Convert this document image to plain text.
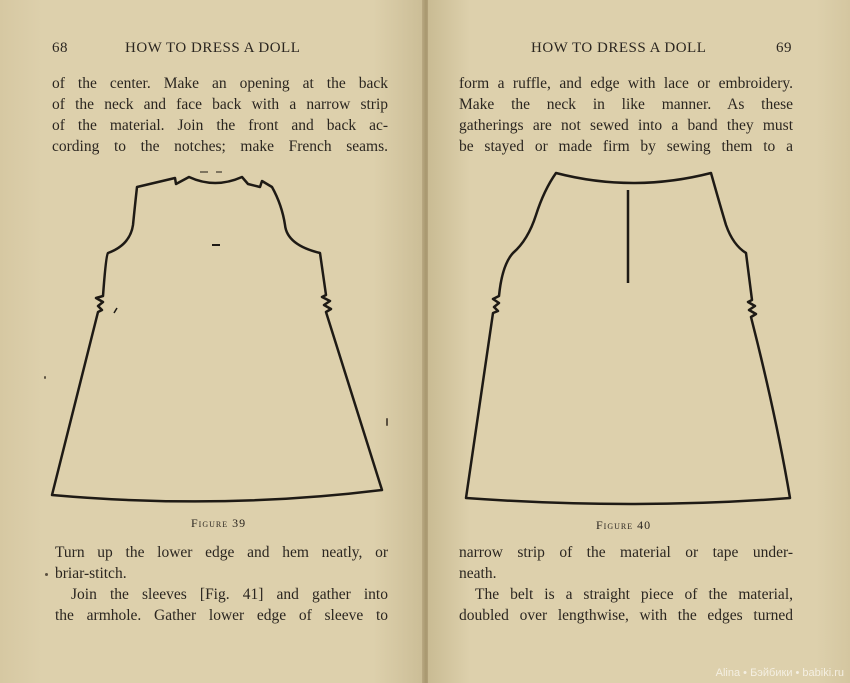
68	HOW TO DRESS A DOLL
of the center. Make an opening at the back
of the neck and face back with a narrow strip
of the material. Join the front and back ac-
cording to the notches; make French seams.
Figure 39
Turn up the lower edge and hem neatly, or
briar-stitch.
Join the sleeves [Fig. 41] and gather into
the armhole. Gather lower edge of sleeve to
HOW TO DRESS A DOLL	69
form a ruffle, and edge with lace or embroidery.
Make the neck in like manner. As these
gatherings are not sewed into a band they must
be stayed or made firm by sewing them to a
Figure 40
narrow strip of the material or tape under-
neath.
The belt is a straight piece of the material,
doubled over lengthwise, with the edges turned
Alina • Бэйбики • babiki.ru
